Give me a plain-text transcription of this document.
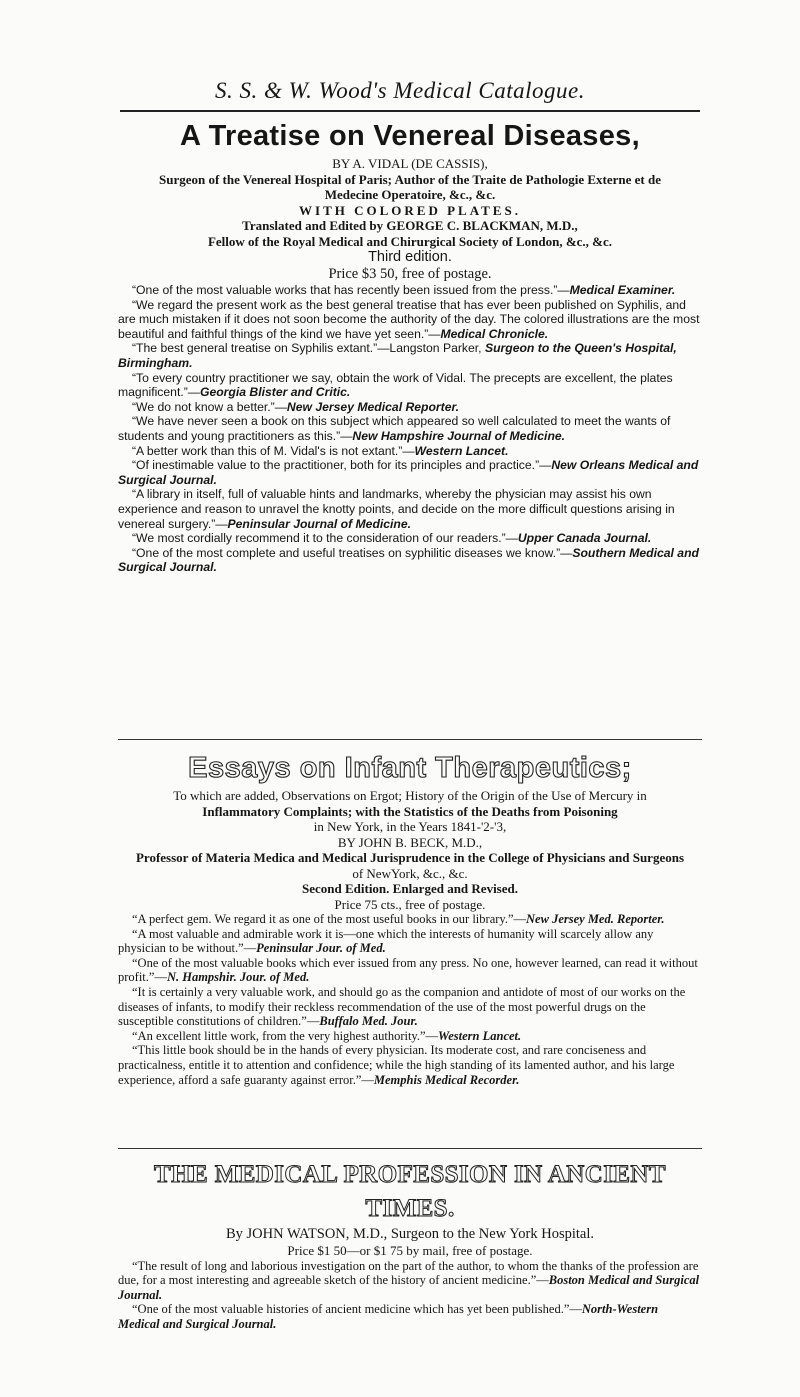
S. S. & W. Wood's Medical Catalogue.

A Treatise on Venereal Diseases,

BY A. VIDAL (DE CASSIS),

Surgeon of the Venereal Hospital of Paris; Author of the Traite de Pathologie Externe et de

Medecine Operatoire, &c., &c.

WITH COLORED PLATES.

Translated and Edited by GEORGE C. BLACKMAN, M.D.,

Fellow of the Royal Medical and Chirurgical Society of London, &c., &c.

Third edition.

Price $3 50, free of postage.

“One of the most valuable works that has recently been issued from the press.”—Medical Examiner.

“We regard the present work as the best general treatise that has ever been published on Syphilis, and are much mistaken if it does not soon become the authority of the day. The colored illustrations are the most beautiful and faithful things of the kind we have yet seen.”—Medical Chronicle.

“The best general treatise on Syphilis extant.”—Langston Parker, Surgeon to the Queen's Hospital, Birmingham.

“To every country practitioner we say, obtain the work of Vidal. The precepts are excellent, the plates magnificent.”—Georgia Blister and Critic.

“We do not know a better.”—New Jersey Medical Reporter.

“We have never seen a book on this subject which appeared so well calculated to meet the wants of students and young practitioners as this.”—New Hampshire Journal of Medicine.

“A better work than this of M. Vidal's is not extant.”—Western Lancet.

“Of inestimable value to the practitioner, both for its principles and practice.”—New Orleans Medical and Surgical Journal.

“A library in itself, full of valuable hints and landmarks, whereby the physician may assist his own experience and reason to unravel the knotty points, and decide on the more difficult questions arising in venereal surgery.”—Peninsular Journal of Medicine.

“We most cordially recommend it to the consideration of our readers.”—Upper Canada Journal.

“One of the most complete and useful treatises on syphilitic diseases we know.”—Southern Medical and Surgical Journal.

Essays on Infant Therapeutics;

To which are added, Observations on Ergot; History of the Origin of the Use of Mercury in

Inflammatory Complaints; with the Statistics of the Deaths from Poisoning

in New York, in the Years 1841-'2-'3,

BY JOHN B. BECK, M.D.,

Professor of Materia Medica and Medical Jurisprudence in the College of Physicians and Surgeons

of NewYork, &c., &c.

Second Edition. Enlarged and Revised.

Price 75 cts., free of postage.

“A perfect gem. We regard it as one of the most useful books in our library.”—New Jersey Med. Reporter.

“A most valuable and admirable work it is—one which the interests of humanity will scarcely allow any physician to be without.”—Peninsular Jour. of Med.

“One of the most valuable books which ever issued from any press. No one, however learned, can read it without profit.”—N. Hampshir. Jour. of Med.

“It is certainly a very valuable work, and should go as the companion and antidote of most of our works on the diseases of infants, to modify their reckless recommendation of the use of the most powerful drugs on the susceptible constitutions of children.”—Buffalo Med. Jour.

“An excellent little work, from the very highest authority.”—Western Lancet.

“This little book should be in the hands of every physician. Its moderate cost, and rare conciseness and practicalness, entitle it to attention and confidence; while the high standing of its lamented author, and his large experience, afford a safe guaranty against error.”—Memphis Medical Recorder.

THE MEDICAL PROFESSION IN ANCIENT TIMES.

By JOHN WATSON, M.D., Surgeon to the New York Hospital.

Price $1 50—or $1 75 by mail, free of postage.

“The result of long and laborious investigation on the part of the author, to whom the thanks of the profession are due, for a most interesting and agreeable sketch of the history of ancient medicine.”—Boston Medical and Surgical Journal.

“One of the most valuable histories of ancient medicine which has yet been published.”—North-Western Medical and Surgical Journal.
